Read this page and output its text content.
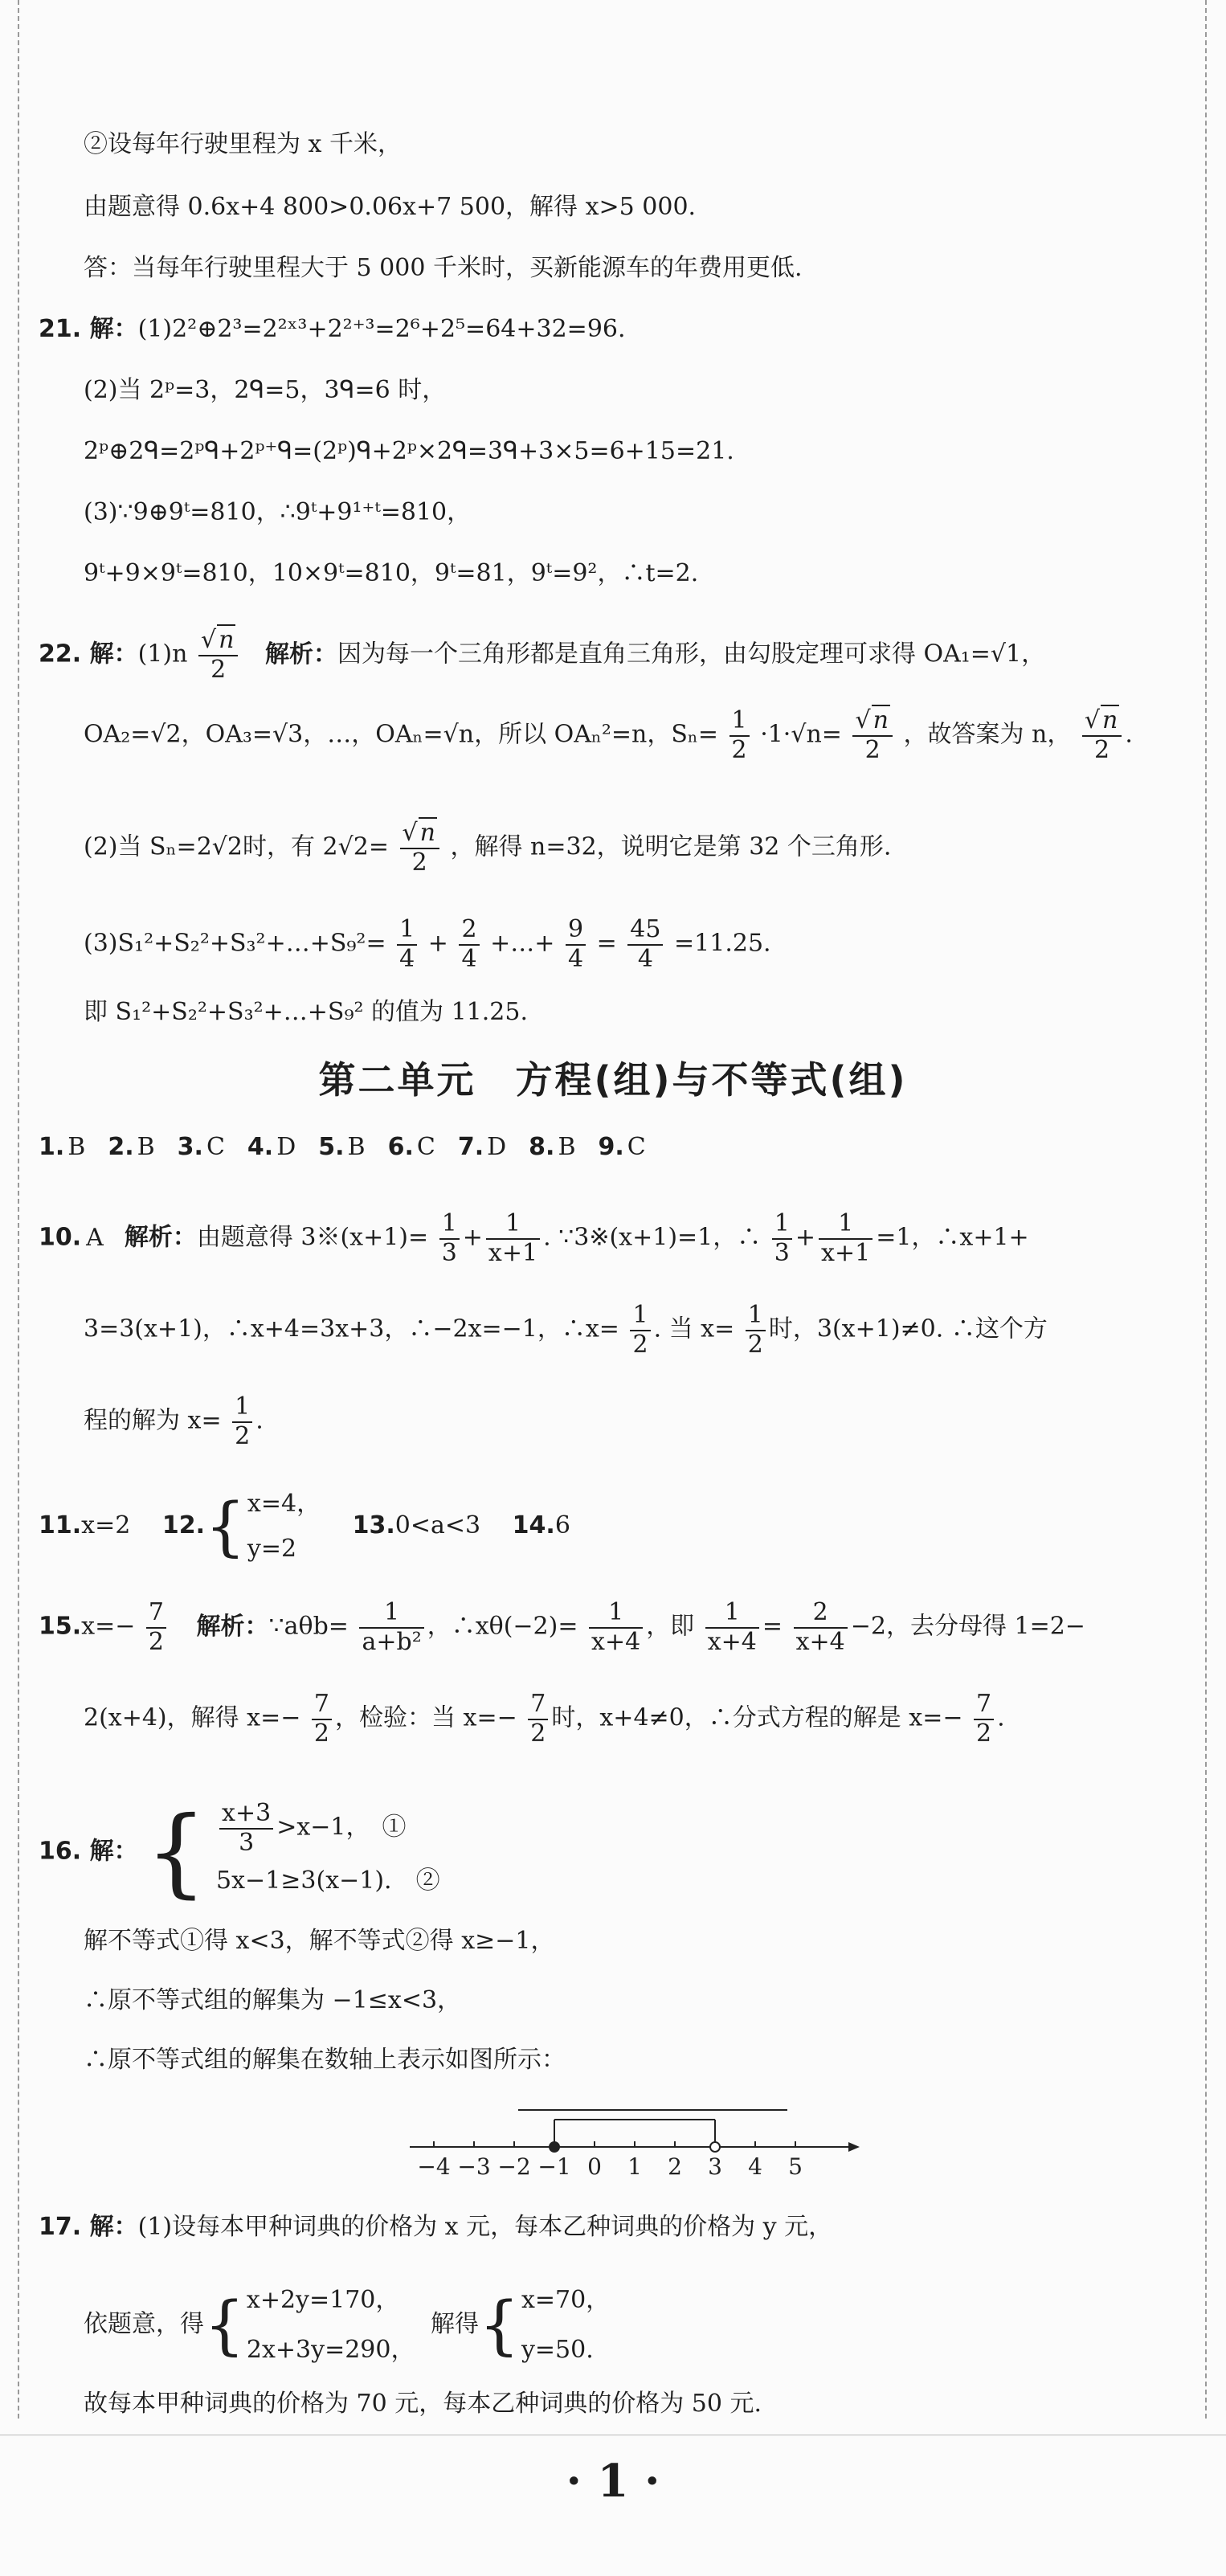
②设每年行驶里程为 x 千米，
由题意得 0.6x+4 800>0.06x+7 500，解得 x>5 000.
答：当每年行驶里程大于 5 000 千米时，买新能源车的年费用更低.
21. 解：(1)2²⊕2³=2²ˣ³+2²⁺³=2⁶+2⁵=64+32=96.
(2)当 2ᵖ=3，2ᑫ=5，3ᑫ=6 时，
2ᵖ⊕2ᑫ=2ᵖᑫ+2ᵖ⁺ᑫ=(2ᵖ)ᑫ+2ᵖ×2ᑫ=3ᑫ+3×5=6+15=21.
(3)∵9⊕9ᵗ=810，∴9ᵗ+9¹⁺ᵗ=810，
9ᵗ+9×9ᵗ=810，10×9ᵗ=810，9ᵗ=81，9ᵗ=9²，∴t=2.
22. 解：$(1)n \frac{√ n}{2}$ 解析：因为每一个三角形都是直角三角形，由勾股定理可求得 OA₁=√1，
OA₂=√2，OA₃=√3，…，OAₙ=√n，所以 OAₙ²=n，$S_n= \frac{1}{2} \cdot 1\cdot√n= \frac{√ n}{2}$ ，故答案为 n， $\frac{√ n}{2}$ .
(2)当 Sₙ=2√2时，有 $2√2= \frac{√ n}{2}$ ，解得 n=32，说明它是第 32 个三角形.
(3)S₁²+S₂²+S₃²+…+S₉²= $\frac{1}{4} + \frac{2}{4}$ +…+ $\frac{9}{4} = \frac{45}{4} =11.25$.
即 S₁²+S₂²+S₃²+…+S₉² 的值为 11.25.
第二单元　方程(组)与不等式(组)
1. B 2. B 3. C 4. D 5. B 6. C 7. D 8. B 9. C
10. A 解析：由题意得 3※(x+1)= $\frac{1}{3} + \frac{1}{x+1}$ . ∵3※(x+1)=1，∴ $\frac{1}{3} + \frac{1}{x+1} =1$，∴x+1+
3=3(x+1)，∴x+4=3x+3，∴−2x=−1，∴x= $\frac{1}{2}$ . 当 $x= \frac{1}{2}$ 时，3(x+1)≠0. ∴这个方
程的解为 $x= \frac{1}{2}$ .
11.x=2 12.{ x=4，
y=2
13.0<a<3 14.6
$15.x=- \frac{7}{2}$ 解析：∵aθb= $\frac{1}{\text{a+b²}}$ ，∴xθ(−2)= $\frac{1}{x+4}$ ，即 $\frac{1}{x+4} = \frac{2}{x+4} -2$，去分母得 1=2−
2(x+4)，解得 $x=- \frac{7}{2}$ ，检验：当 $x=- \frac{7}{2}$ 时，x+4≠0，∴分式方程的解是 $x=- \frac{7}{2}$ .
16. 解： { $\frac{x+3}{3} >x-1$，　①
5x−1≥3(x−1).　②
解不等式①得 x<3，解不等式②得 x≥−1，
∴原不等式组的解集为 −1≤x<3，
∴原不等式组的解集在数轴上表示如图所示：
−4 −3 −2 −1 0 1 2 3 4 5
17. 解：(1)设每本甲种词典的价格为 x 元，每本乙种词典的价格为 y 元，
依题意，得{ x+2y=170，
2x+3y=290，
解得{ x=70，
y=50.
故每本甲种词典的价格为 70 元，每本乙种词典的价格为 50 元.
· 1 ·
